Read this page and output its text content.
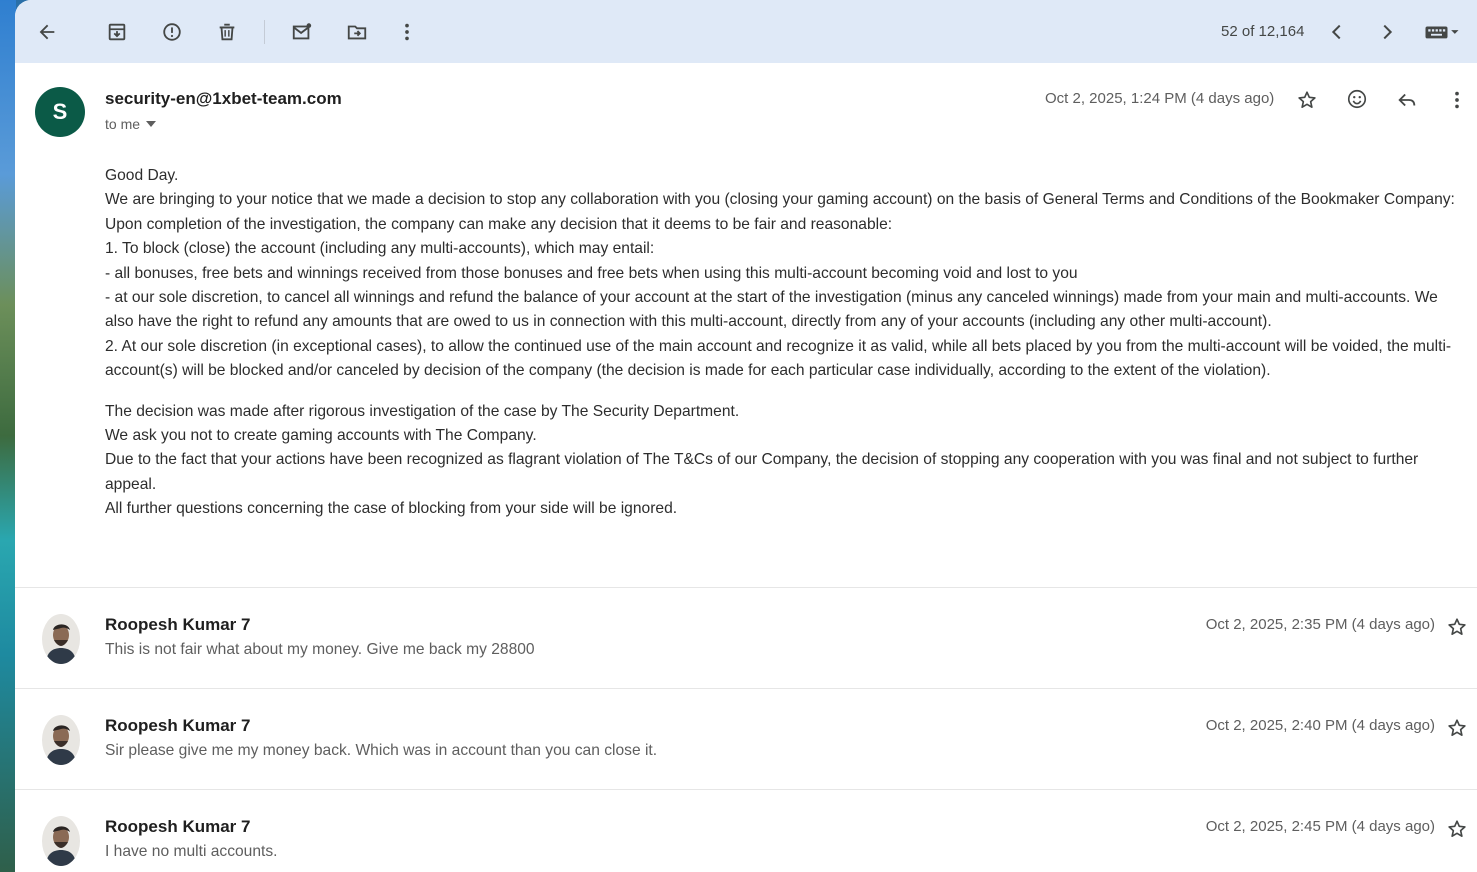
52 of 12,164
S
security-en@1xbet-team.com
to me
Oct 2, 2025, 1:24 PM (4 days ago)

Good Day.

We are bringing to your notice that we made a decision to stop any collaboration with you (closing your gaming account) on the basis of General Terms and Conditions of the Bookmaker Company:

Upon completion of the investigation, the company can make any decision that it deems to be fair and reasonable:

1. To block (close) the account (including any multi-accounts), which may entail:

- all bonuses, free bets and winnings received from those bonuses and free bets when using this multi-account becoming void and lost to you

- at our sole discretion, to cancel all winnings and refund the balance of your account at the start of the investigation (minus any canceled winnings) made from your main and multi-accounts. We also have the right to refund any amounts that are owed to us in connection with this multi-account, directly from any of your accounts (including any other multi-account).

2. At our sole discretion (in exceptional cases), to allow the continued use of the main account and recognize it as valid, while all bets placed by you from the multi-account will be voided, the multi-account(s) will be blocked and/or canceled by decision of the company (the decision is made for each particular case individually, according to the extent of the violation).

The decision was made after rigorous investigation of the case by The Security Department.

We ask you not to create gaming accounts with The Company.

Due to the fact that your actions have been recognized as flagrant violation of The T&Cs of our Company, the decision of stopping any cooperation with you was final and not subject to further appeal.

All further questions concerning the case of blocking from your side will be ignored.

Roopesh Kumar 7
This is not fair what about my money. Give me back my 28800
Oct 2, 2025, 2:35 PM (4 days ago)
Roopesh Kumar 7
Sir please give me my money back. Which was in account than you can close it.
Oct 2, 2025, 2:40 PM (4 days ago)
Roopesh Kumar 7
I have no multi accounts.
Oct 2, 2025, 2:45 PM (4 days ago)
